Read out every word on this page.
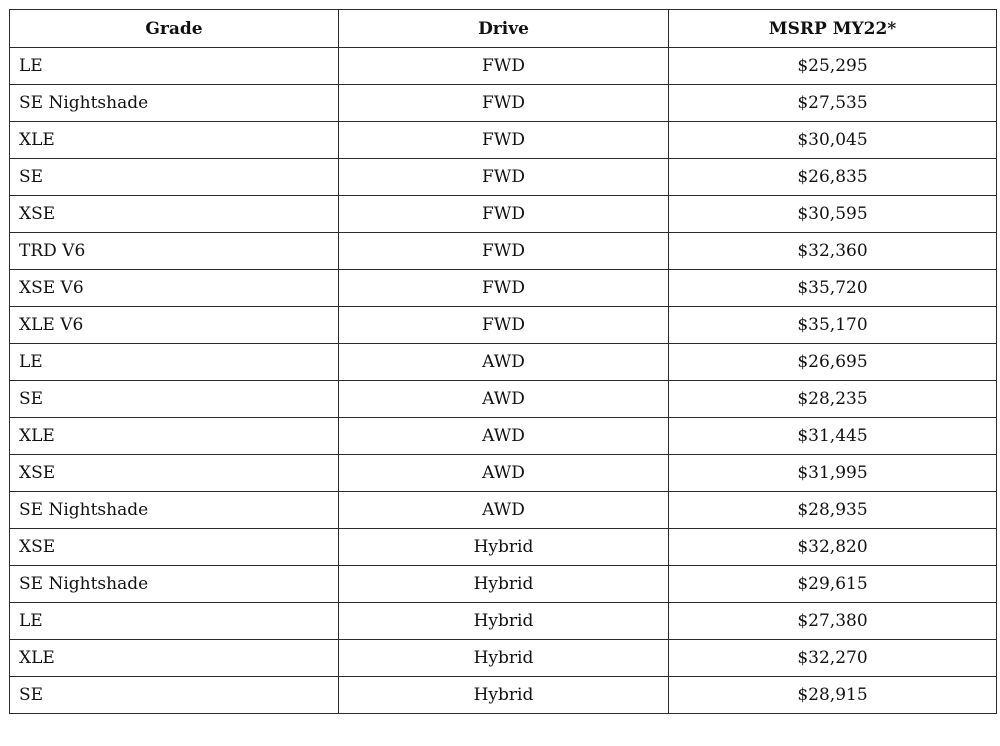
Grade	Drive	MSRP MY22*
LE	FWD	$25,295
SE Nightshade	FWD	$27,535
XLE	FWD	$30,045
SE	FWD	$26,835
XSE	FWD	$30,595
TRD V6	FWD	$32,360
XSE V6	FWD	$35,720
XLE V6	FWD	$35,170
LE	AWD	$26,695
SE	AWD	$28,235
XLE	AWD	$31,445
XSE	AWD	$31,995
SE Nightshade	AWD	$28,935
XSE	Hybrid	$32,820
SE Nightshade	Hybrid	$29,615
LE	Hybrid	$27,380
XLE	Hybrid	$32,270
SE	Hybrid	$28,915
